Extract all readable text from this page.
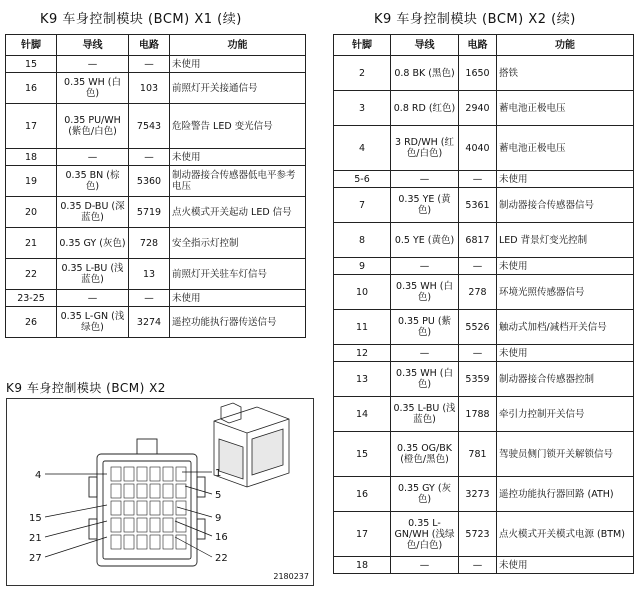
K9 车身控制模块 (BCM) X1 (续)
针脚	导线	电路	功能
15	—	—	未使用
16	0.35 WH (白色)	103	前照灯开关接通信号
17	0.35 PU/WH (紫色/白色)	7543	危险警告 LED 变光信号
18	—	—	未使用
19	0.35 BN (棕色)	5360	制动器接合传感器低电平参考电压
20	0.35 D-BU (深蓝色)	5719	点火模式开关起动 LED 信号
21	0.35 GY (灰色)	728	安全指示灯控制
22	0.35 L-BU (浅蓝色)	13	前照灯开关驻车灯信号
23-25	—	—	未使用
26	0.35 L-GN (浅绿色)	3274	遥控功能执行器传送信号
K9 车身控制模块 (BCM) X2
4	1
5
15	9
21	16
27	22
2180237
K9 车身控制模块 (BCM) X2 (续)
针脚	导线	电路	功能
2	0.8 BK (黑色)	1650	搭铁
3	0.8 RD (红色)	2940	蓄电池正极电压
4	3 RD/WH (红色/白色)	4040	蓄电池正极电压
5-6	—	—	未使用
7	0.35 YE (黄色)	5361	制动器接合传感器信号
8	0.5 YE (黄色)	6817	LED 背景灯变光控制
9	—	—	未使用
10	0.35 WH (白色)	278	环境光照传感器信号
11	0.35 PU (紫色)	5526	触动式加档/减档开关信号
12	—	—	未使用
13	0.35 WH (白色)	5359	制动器接合传感器控制
14	0.35 L-BU (浅蓝色)	1788	牵引力控制开关信号
15	0.35 OG/BK (橙色/黑色)	781	驾驶员侧门锁开关解锁信号
16	0.35 GY (灰色)	3273	遥控功能执行器回路 (ATH)
17	0.35 L-GN/WH (浅绿色/白色)	5723	点火模式开关模式电源 (BTM)
18	—	—	未使用
